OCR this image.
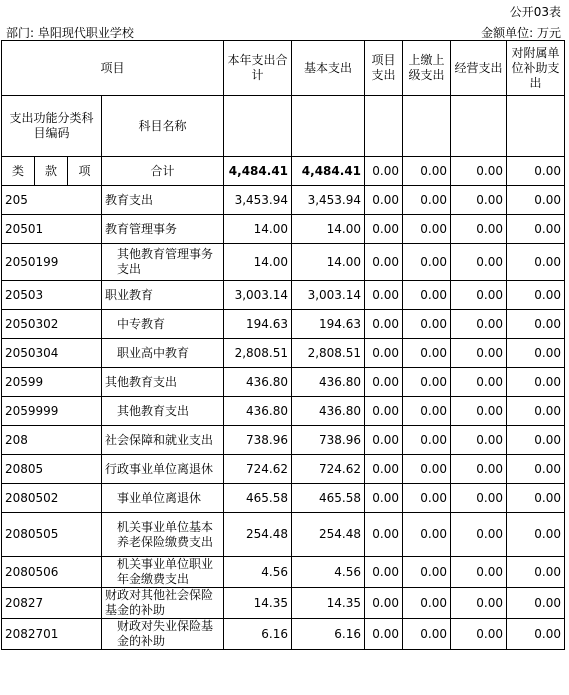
公开03表
部门: 阜阳现代职业学校	金额单位: 万元
项目				本年支出合计	基本支出	项目支出	上缴上级支出	经营支出	对附属单位补助支出
支出功能分类科目编码			科目名称						
类	款	项	合计	4,484.41	4,484.41	0.00	0.00	0.00	0.00
205			教育支出	3,453.94	3,453.94	0.00	0.00	0.00	0.00
20501			教育管理事务	14.00	14.00	0.00	0.00	0.00	0.00
2050199			其他教育管理事务支出	14.00	14.00	0.00	0.00	0.00	0.00
20503			职业教育	3,003.14	3,003.14	0.00	0.00	0.00	0.00
2050302			中专教育	194.63	194.63	0.00	0.00	0.00	0.00
2050304			职业高中教育	2,808.51	2,808.51	0.00	0.00	0.00	0.00
20599			其他教育支出	436.80	436.80	0.00	0.00	0.00	0.00
2059999			其他教育支出	436.80	436.80	0.00	0.00	0.00	0.00
208			社会保障和就业支出	738.96	738.96	0.00	0.00	0.00	0.00
20805			行政事业单位离退休	724.62	724.62	0.00	0.00	0.00	0.00
2080502			事业单位离退休	465.58	465.58	0.00	0.00	0.00	0.00
2080505			机关事业单位基本养老保险缴费支出	254.48	254.48	0.00	0.00	0.00	0.00
2080506			机关事业单位职业年金缴费支出	4.56	4.56	0.00	0.00	0.00	0.00
20827			财政对其他社会保险基金的补助	14.35	14.35	0.00	0.00	0.00	0.00
2082701			财政对失业保险基金的补助	6.16	6.16	0.00	0.00	0.00	0.00
